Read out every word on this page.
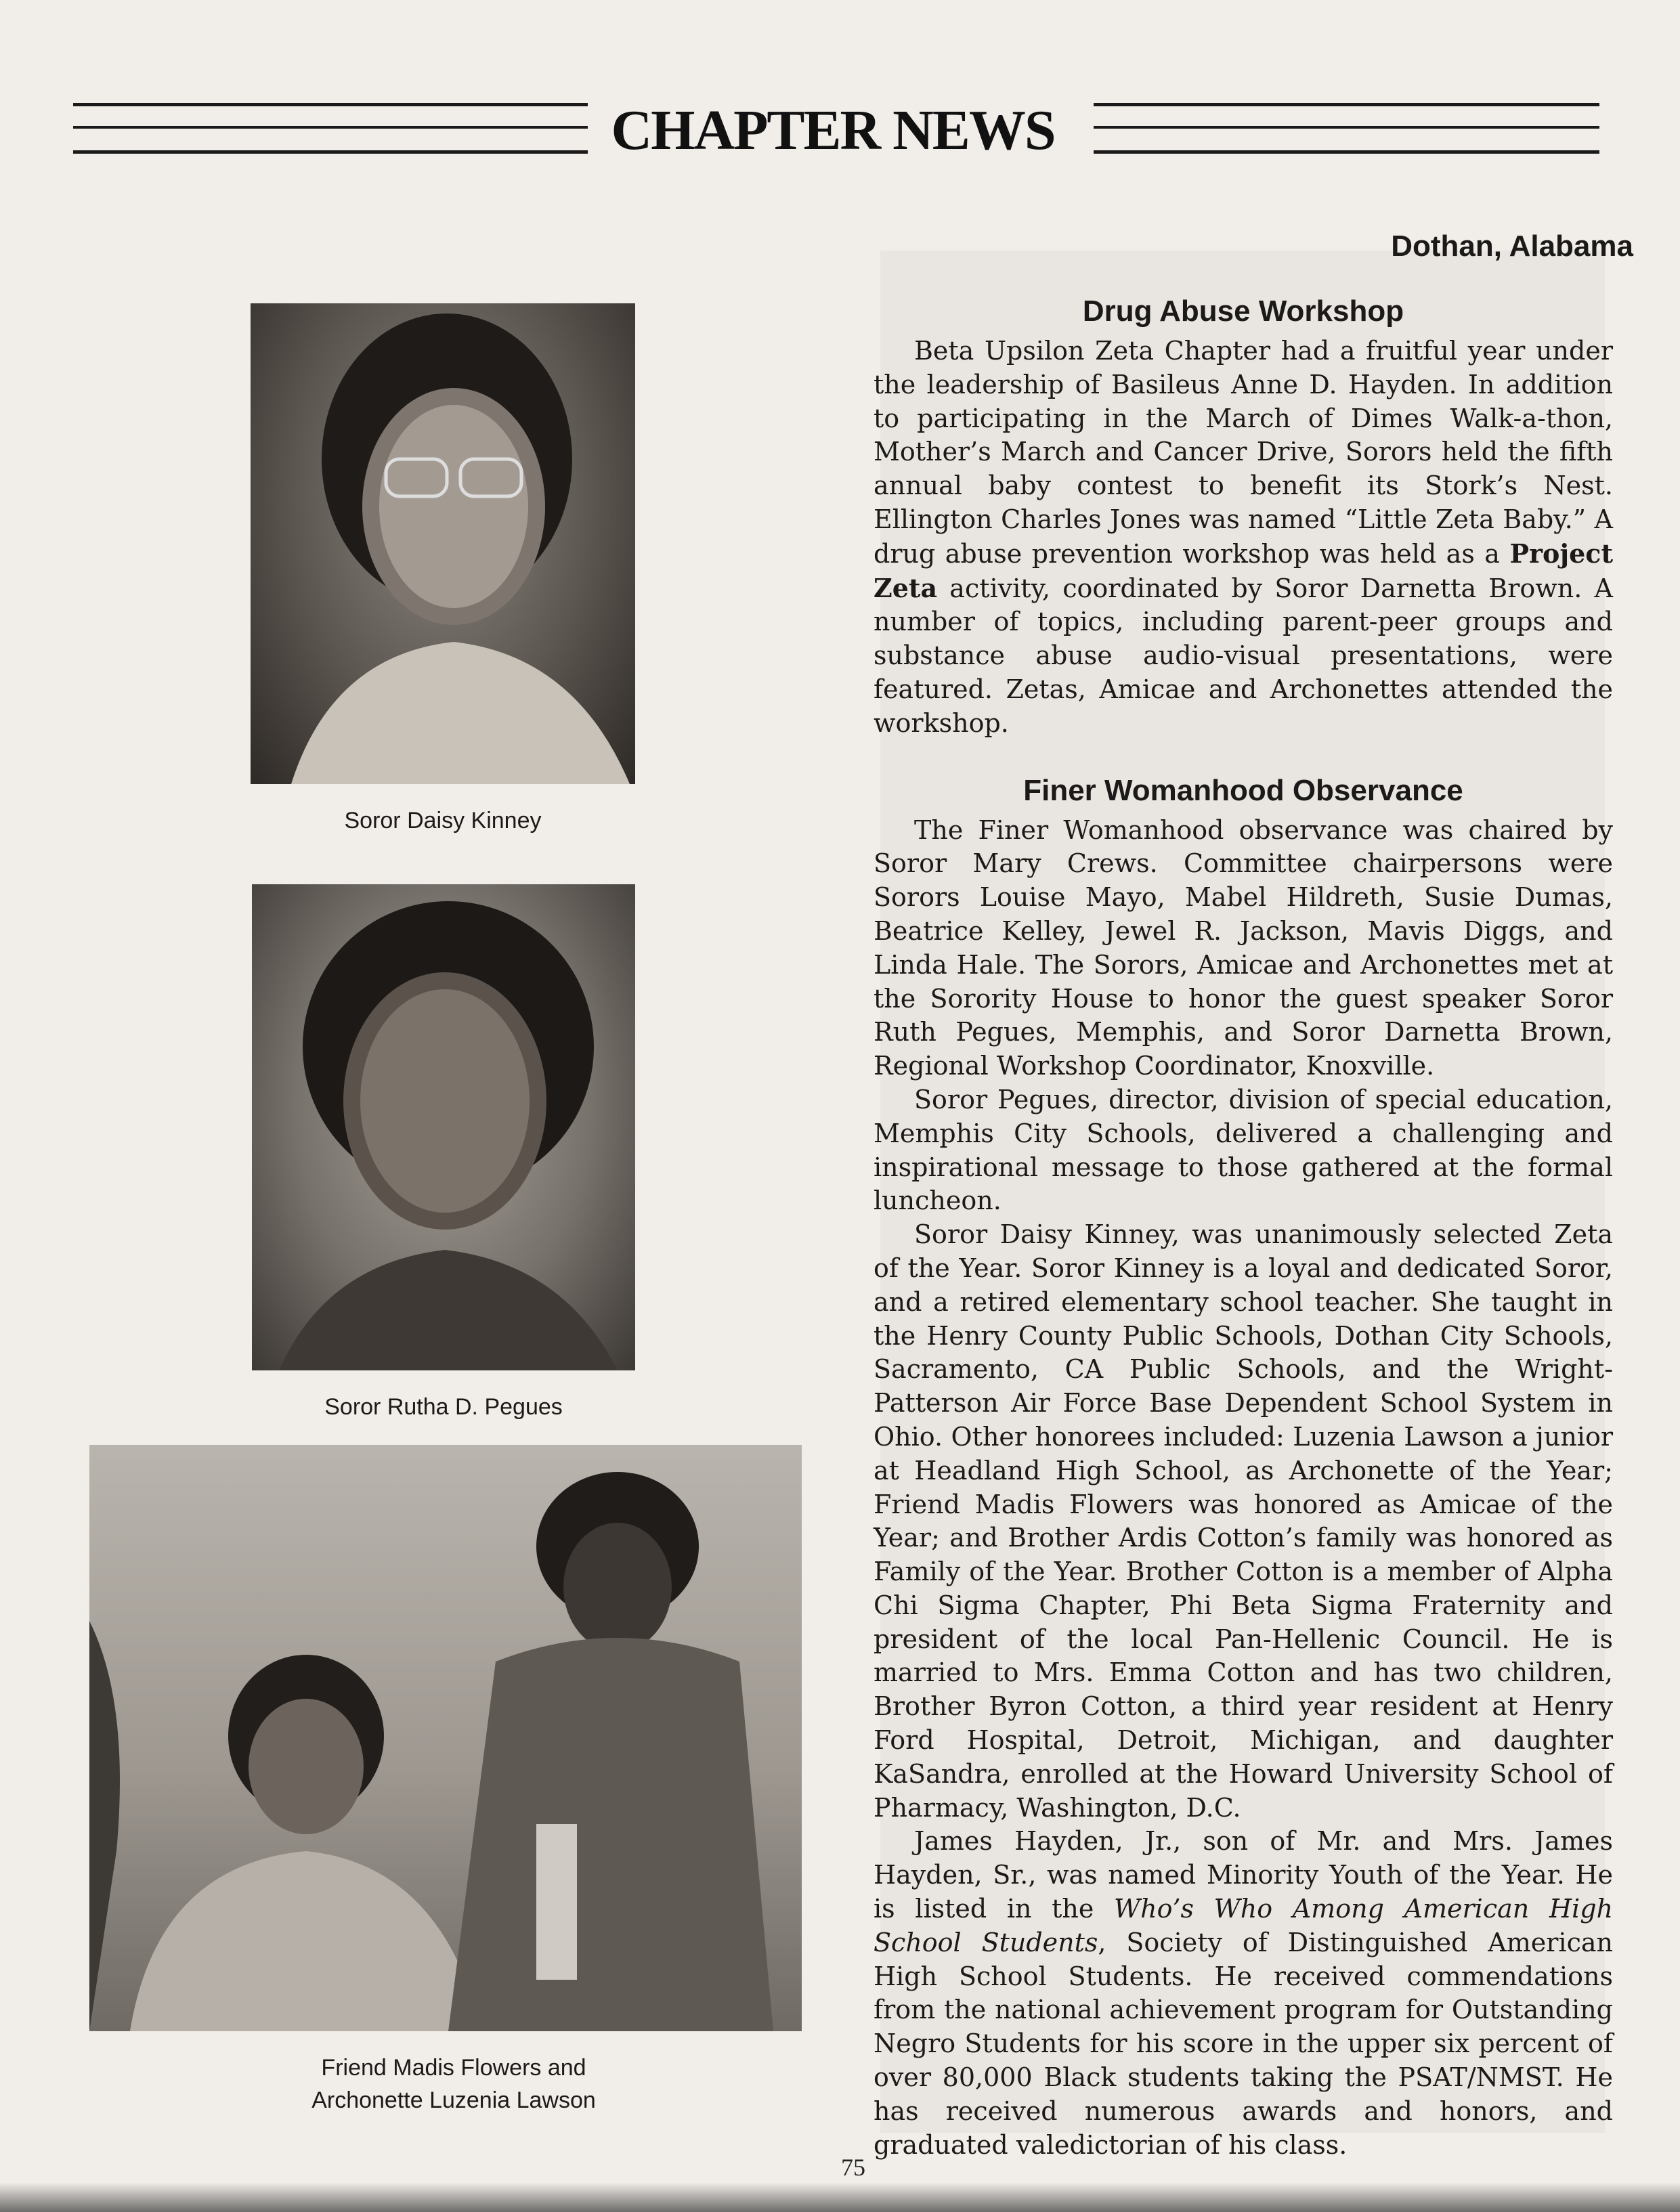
CHAPTER NEWS
Soror Daisy Kinney
Soror Rutha D. Pegues
Friend Madis Flowers and
Archonette Luzenia Lawson
Dothan, Alabama
Drug Abuse Workshop

Beta Upsilon Zeta Chapter had a fruitful year under the leadership of Basileus Anne D. Hayden. In addition to participating in the March of Dimes Walk-a-thon, Mother’s March and Cancer Drive, Sorors held the fifth annual baby contest to benefit its Stork’s Nest. Ellington Charles Jones was named “Little Zeta Baby.” A drug abuse prevention workshop was held as a Project Zeta activity, coordinated by Soror Darnetta Brown. A number of topics, including parent-peer groups and substance abuse audio-visual presentations, were featured. Zetas, Amicae and Archonettes attended the workshop.

Finer Womanhood Observance

The Finer Womanhood observance was chaired by Soror Mary Crews. Committee chairpersons were Sorors Louise Mayo, Mabel Hildreth, Susie Dumas, Beatrice Kelley, Jewel R. Jackson, Mavis Diggs, and Linda Hale. The Sorors, Amicae and Archonettes met at the Sorority House to honor the guest speaker Soror Ruth Pegues, Memphis, and Soror Darnetta Brown, Regional Workshop Coordinator, Knoxville.

Soror Pegues, director, division of special education, Memphis City Schools, delivered a challenging and inspirational message to those gathered at the formal luncheon.

Soror Daisy Kinney, was unanimously selected Zeta of the Year. Soror Kinney is a loyal and dedicated Soror, and a retired elementary school teacher. She taught in the Henry County Public Schools, Dothan City Schools, Sacramento, CA Public Schools, and the Wright-Patterson Air Force Base Dependent School System in Ohio. Other honorees included: Luzenia Lawson a junior at Headland High School, as Archonette of the Year; Friend Madis Flowers was honored as Amicae of the Year; and Brother Ardis Cotton’s family was honored as Family of the Year. Brother Cotton is a member of Alpha Chi Sigma Chapter, Phi Beta Sigma Fraternity and president of the local Pan-Hellenic Council. He is married to Mrs. Emma Cotton and has two children, Brother Byron Cotton, a third year resident at Henry Ford Hospital, Detroit, Michigan, and daughter KaSandra, enrolled at the Howard University School of Pharmacy, Washington, D.C.

James Hayden, Jr., son of Mr. and Mrs. James Hayden, Sr., was named Minority Youth of the Year. He is listed in the Who’s Who Among American High School Students, Society of Distinguished American High School Students. He received commendations from the national achievement program for Outstanding Negro Students for his score in the upper six percent of over 80,000 Black students taking the PSAT/NMST. He has received numerous awards and honors, and graduated valedictorian of his class.

75
